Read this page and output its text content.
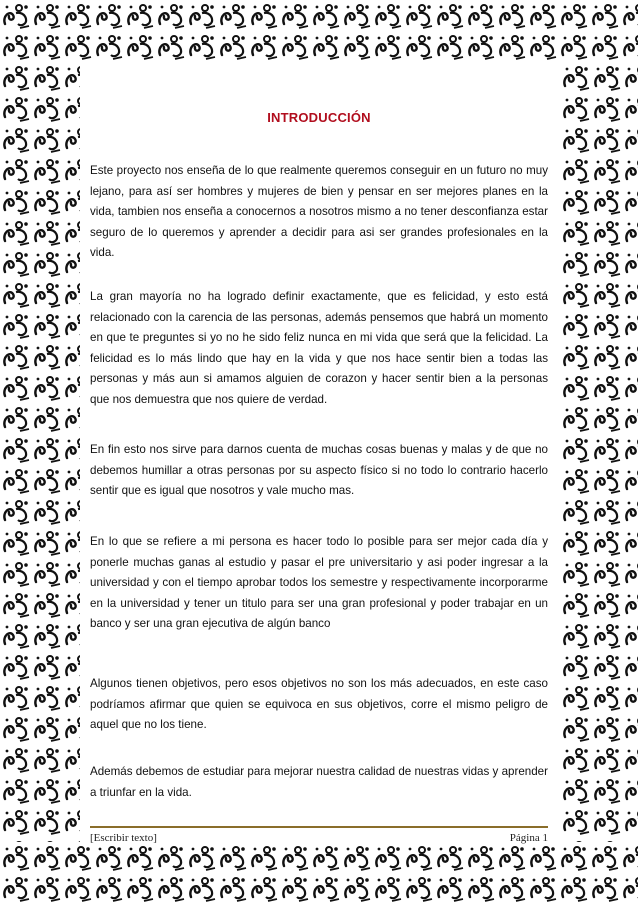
INTRODUCCIÓN

Este proyecto nos enseña de lo que realmente queremos conseguir en un futuro no muy lejano, para así ser hombres y mujeres de bien y pensar en ser mejores planes en la vida, tambien nos enseña a conocernos a nosotros mismo a no tener desconfianza estar seguro de lo queremos y aprender a decidir para asi ser grandes profesionales en la vida.

La gran mayoría no ha logrado definir exactamente, que es felicidad, y esto está relacionado con la carencia de las personas, además pensemos que habrá un momento en que te preguntes si yo no he sido feliz nunca en mi vida que será que la felicidad. La felicidad es lo más lindo que hay en la vida y que nos hace sentir bien a todas las personas y más aun si amamos alguien de corazon y hacer sentir bien a la personas que nos demuestra que nos quiere de verdad.

En fin esto nos sirve para darnos cuenta de muchas cosas buenas y malas y de que no debemos humillar a otras personas por su aspecto físico si no todo lo contrario hacerlo sentir que es igual que nosotros y vale mucho mas.

En lo que se refiere a mi persona es hacer todo lo posible para ser mejor cada día y ponerle muchas ganas al estudio y pasar el pre universitario y asi poder ingresar a la universidad y con el tiempo aprobar todos los semestre y respectivamente incorporarme en la universidad y tener un titulo para ser una gran profesional y poder trabajar en un banco y ser una gran ejecutiva de algún banco

Algunos tienen objetivos, pero esos objetivos no son los más adecuados, en este caso podríamos afirmar que quien se equivoca en sus objetivos, corre el mismo peligro de aquel que no los tiene.

Además debemos de estudiar para mejorar nuestra calidad de nuestras vidas y aprender a triunfar en la vida.

[Escribir texto]	Página 1
